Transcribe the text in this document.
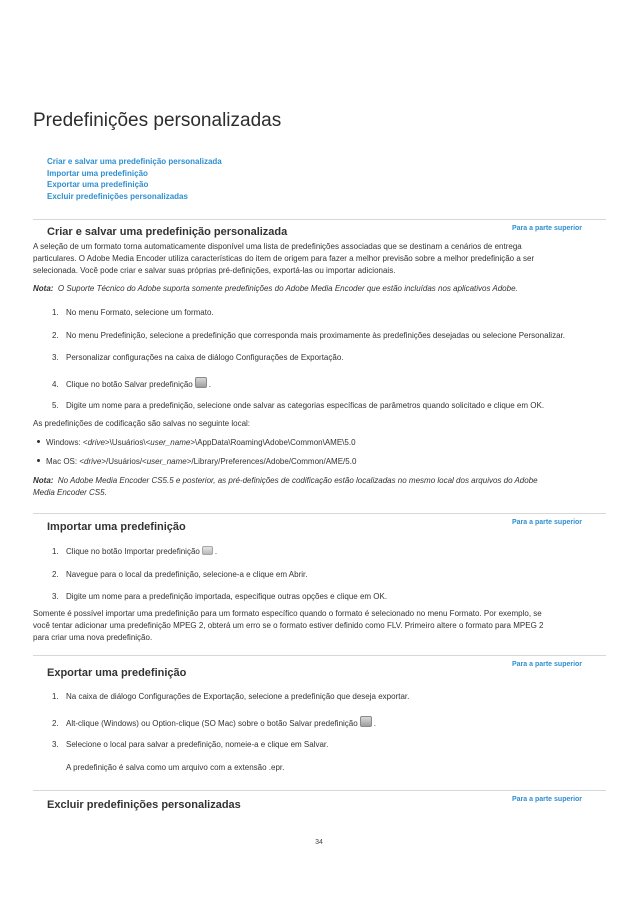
Predefinições personalizadas
Criar e salvar uma predefinição personalizada
Importar uma predefinição
Exportar uma predefinição
Excluir predefinições personalizadas
Para a parte superior
Criar e salvar uma predefinição personalizada

A seleção de um formato torna automaticamente disponível uma lista de predefinições associadas que se destinam a cenários de entrega

particulares. O Adobe Media Encoder utiliza características do item de origem para fazer a melhor previsão sobre a melhor predefinição a ser

selecionada. Você pode criar e salvar suas próprias pré-definições, exportá-las ou importar adicionais.

Nota: O Suporte Técnico do Adobe suporta somente predefinições do Adobe Media Encoder que estão incluídas nos aplicativos Adobe.

1. No menu Formato, selecione um formato.
2. No menu Predefinição, selecione a predefinição que corresponda mais proximamente às predefinições desejadas ou selecione Personalizar.
3. Personalizar configurações na caixa de diálogo Configurações de Exportação.
4. Clique no botão Salvar predefinição .
5. Digite um nome para a predefinição, selecione onde salvar as categorias específicas de parâmetros quando solicitado e clique em OK.

As predefinições de codificação são salvas no seguinte local:

Windows: <drive>\Usuários\<user_name>\AppData\Roaming\Adobe\Common\AME\5.0
Mac OS: <drive>/Usuários/<user_name>/Library/Preferences/Adobe/Common/AME/5.0

Nota: No Adobe Media Encoder CS5.5 e posterior, as pré-definições de codificação estão localizadas no mesmo local dos arquivos do Adobe

Media Encoder CS5.

Para a parte superior
Importar uma predefinição
1. Clique no botão Importar predefinição .
2. Navegue para o local da predefinição, selecione-a e clique em Abrir.
3. Digite um nome para a predefinição importada, especifique outras opções e clique em OK.

Somente é possível importar uma predefinição para um formato específico quando o formato é selecionado no menu Formato. Por exemplo, se

você tentar adicionar uma predefinição MPEG 2, obterá um erro se o formato estiver definido como FLV. Primeiro altere o formato para MPEG 2

para criar uma nova predefinição.

Para a parte superior
Exportar uma predefinição
1. Na caixa de diálogo Configurações de Exportação, selecione a predefinição que deseja exportar.
2. Alt-clique (Windows) ou Option-clique (SO Mac) sobre o botão Salvar predefinição .
3. Selecione o local para salvar a predefinição, nomeie-a e clique em Salvar.
A predefinição é salva como um arquivo com a extensão .epr.
Para a parte superior
Excluir predefinições personalizadas
34
